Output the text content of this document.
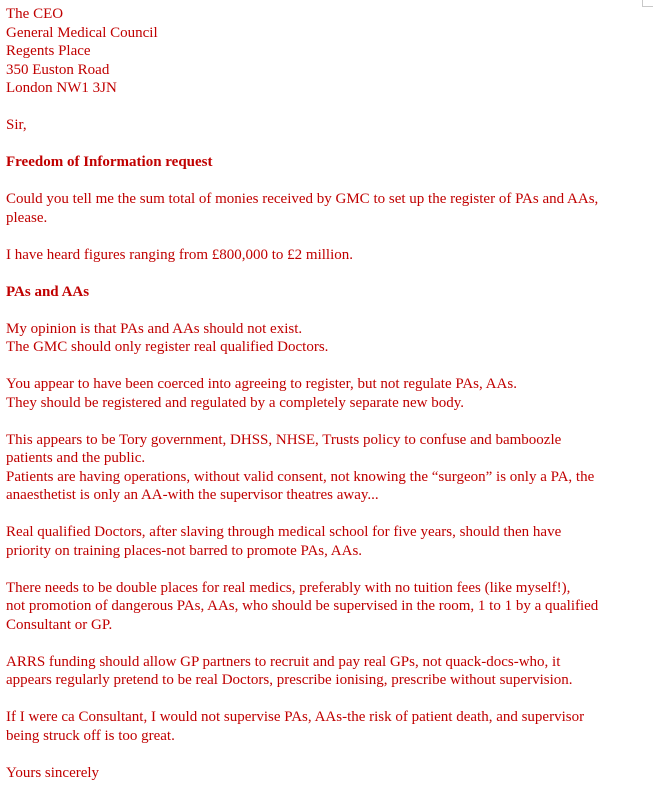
The CEO
General Medical Council
Regents Place
350 Euston Road
London NW1 3JN
Sir,
Freedom of Information request
Could you tell me the sum total of monies received by GMC to set up the register of PAs and AAs,
please.
I have heard figures ranging from £800,000 to £2 million.
PAs and AAs
My opinion is that PAs and AAs should not exist.
The GMC should only register real qualified Doctors.
You appear to have been coerced into agreeing to register, but not regulate PAs, AAs.
They should be registered and regulated by a completely separate new body.
This appears to be Tory government, DHSS, NHSE, Trusts policy to confuse and bamboozle
patients and the public.
Patients are having operations, without valid consent, not knowing the “surgeon” is only a PA, the
anaesthetist is only an AA-with the supervisor theatres away...
Real qualified Doctors, after slaving through medical school for five years, should then have
priority on training places-not barred to promote PAs, AAs.
There needs to be double places for real medics, preferably with no tuition fees (like myself!),
not promotion of dangerous PAs, AAs, who should be supervised in the room, 1 to 1 by a qualified
Consultant or GP.
ARRS funding should allow GP partners to recruit and pay real GPs, not quack-docs-who, it
appears regularly pretend to be real Doctors, prescribe ionising, prescribe without supervision.
If I were ca Consultant, I would not supervise PAs, AAs-the risk of patient death, and supervisor
being struck off is too great.
Yours sincerely
